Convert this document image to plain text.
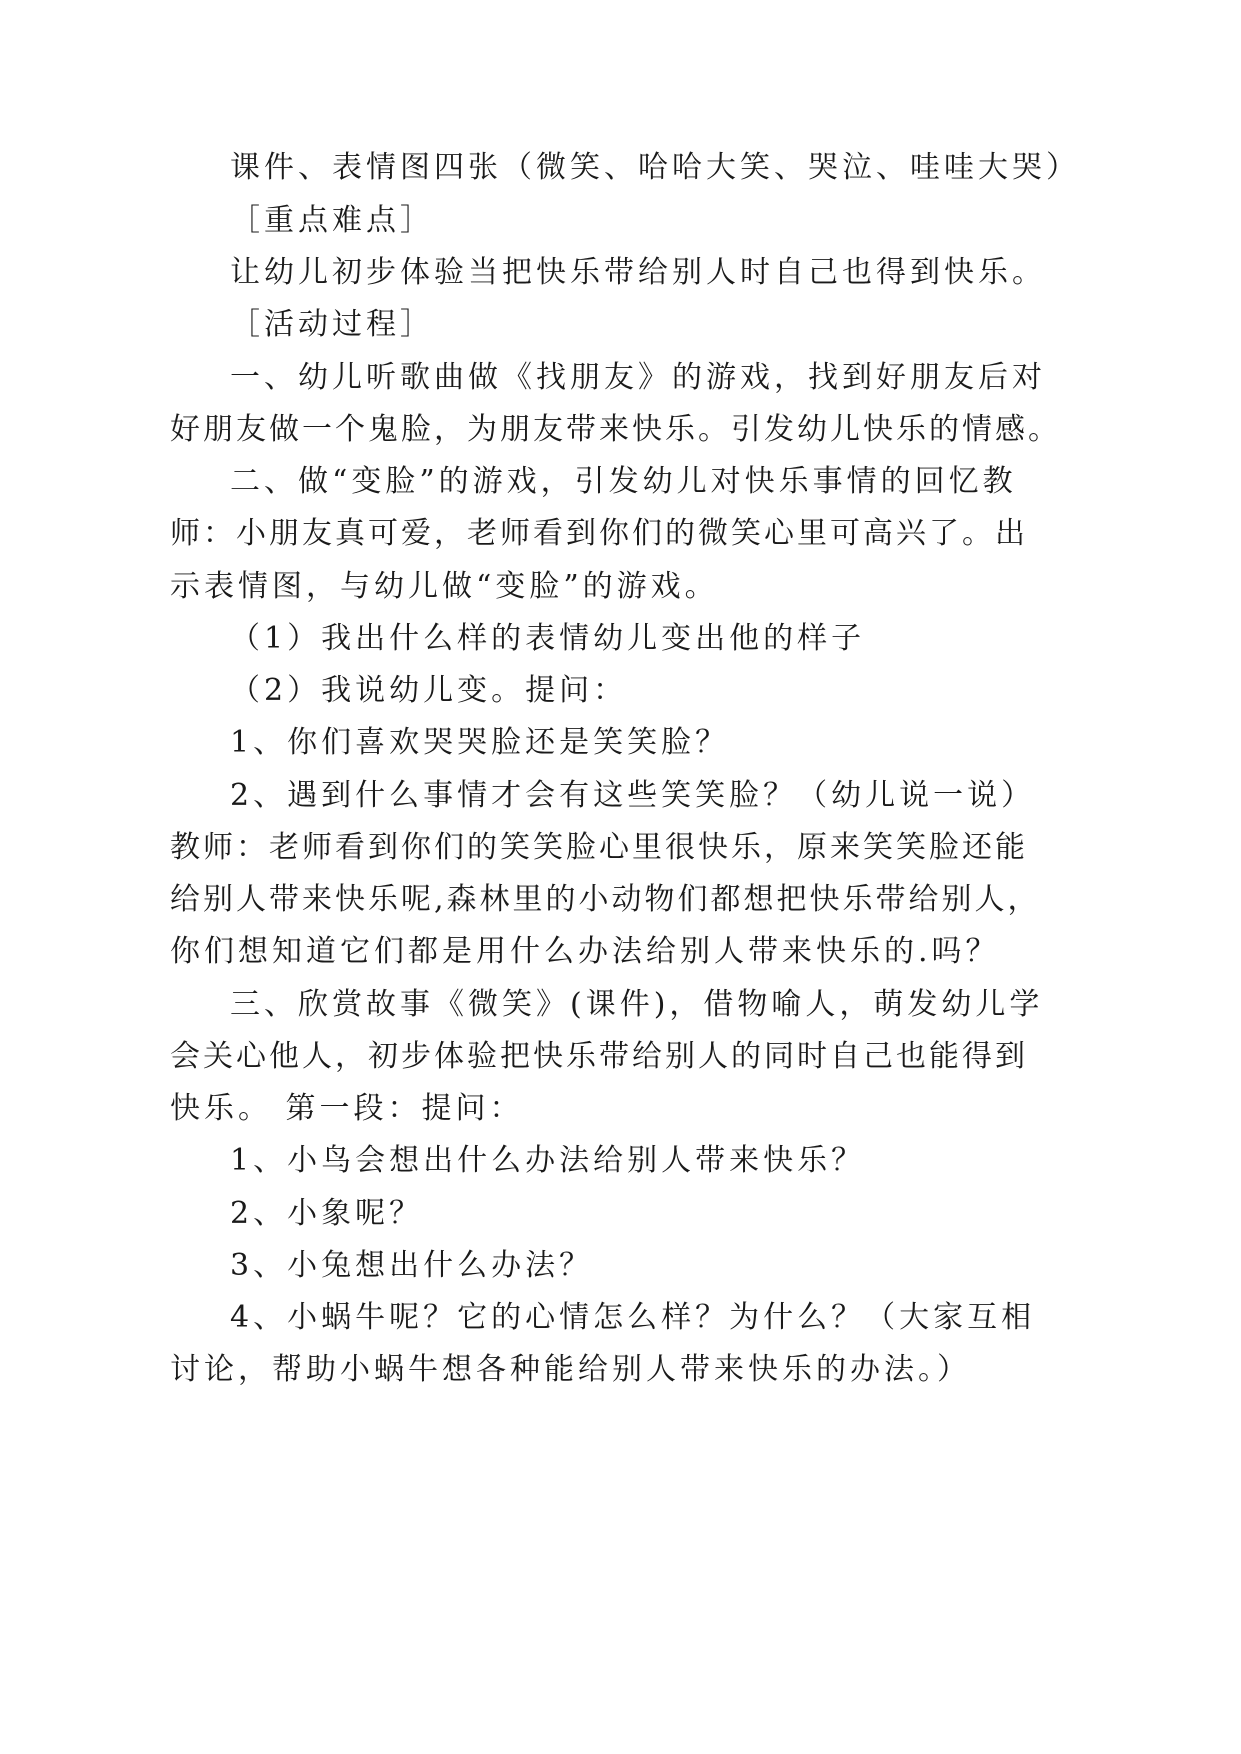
课件、表情图四张（微笑、哈哈大笑、哭泣、哇哇大哭）
［重点难点］
让幼儿初步体验当把快乐带给别人时自己也得到快乐。
［活动过程］
一、幼儿听歌曲做《找朋友》的游戏，找到好朋友后对
好朋友做一个鬼脸，为朋友带来快乐。引发幼儿快乐的情感。
二、做“变脸”的游戏，引发幼儿对快乐事情的回忆教
师：小朋友真可爱，老师看到你们的微笑心里可高兴了。出
示表情图，与幼儿做“变脸”的游戏。
（1）我出什么样的表情幼儿变出他的样子
（2）我说幼儿变。提问：
1、你们喜欢哭哭脸还是笑笑脸？
2、遇到什么事情才会有这些笑笑脸？（幼儿说一说）
教师：老师看到你们的笑笑脸心里很快乐，原来笑笑脸还能
给别人带来快乐呢,森林里的小动物们都想把快乐带给别人，
你们想知道它们都是用什么办法给别人带来快乐的.吗？
三、欣赏故事《微笑》(课件)，借物喻人，萌发幼儿学
会关心他人，初步体验把快乐带给别人的同时自己也能得到
快乐。 第一段：提问：
1、小鸟会想出什么办法给别人带来快乐？
2、小象呢？
3、小兔想出什么办法？
4、小蜗牛呢？它的心情怎么样？为什么？（大家互相
讨论，帮助小蜗牛想各种能给别人带来快乐的办法。）
